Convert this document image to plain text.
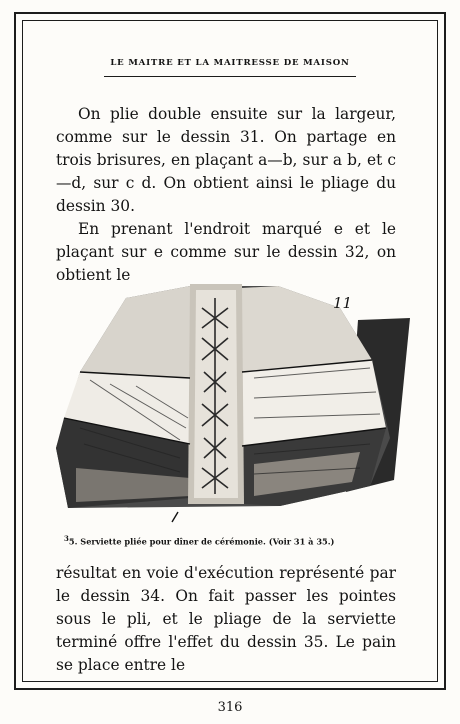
LE MAITRE ET LA MAITRESSE DE MAISON

On plie double ensuite sur la largeur, comme sur le dessin 31. On partage en trois brisures, en plaçant a—b, sur a b, et c—d, sur c d. On obtient ainsi le pliage du dessin 30.

En prenant l'endroit marqué e et le plaçant sur e comme sur le dessin 32, on obtient le

11
$^3$5. Serviette pliée pour dîner de cérémonie. (Voir 31 à 35.)

résultat en voie d'exécution représenté par le dessin 34. On fait passer les pointes sous le pli, et le pliage de la serviette terminé offre l'effet du dessin 35. Le pain se place entre le

316
